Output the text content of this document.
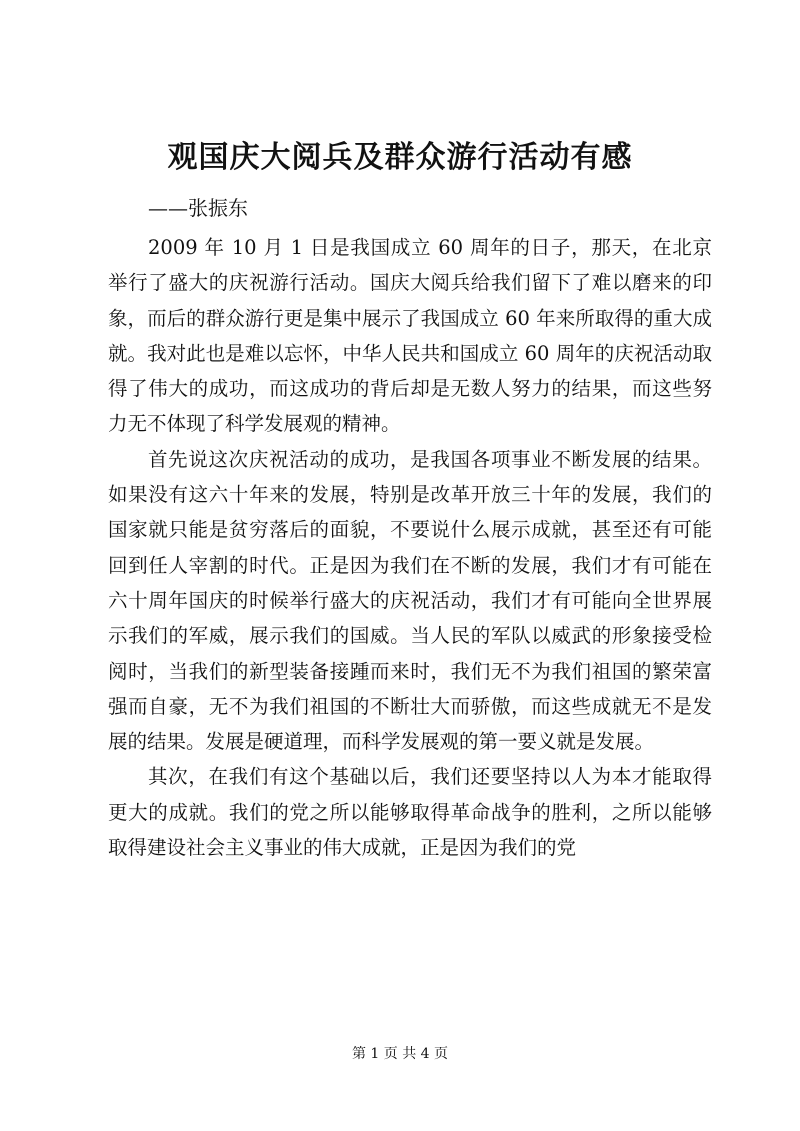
观国庆大阅兵及群众游行活动有感
——张振东

2009 年 10 月 1 日是我国成立 60 周年的日子，那天，在北京举行了盛大的庆祝游行活动。国庆大阅兵给我们留下了难以磨来的印象，而后的群众游行更是集中展示了我国成立 60 年来所取得的重大成就。我对此也是难以忘怀，中华人民共和国成立 60 周年的庆祝活动取得了伟大的成功，而这成功的背后却是无数人努力的结果，而这些努力无不体现了科学发展观的精神。

首先说这次庆祝活动的成功，是我国各项事业不断发展的结果。如果没有这六十年来的发展，特别是改革开放三十年的发展，我们的国家就只能是贫穷落后的面貌，不要说什么展示成就，甚至还有可能回到任人宰割的时代。正是因为我们在不断的发展，我们才有可能在六十周年国庆的时候举行盛大的庆祝活动，我们才有可能向全世界展示我们的军威，展示我们的国威。当人民的军队以威武的形象接受检阅时，当我们的新型装备接踵而来时，我们无不为我们祖国的繁荣富强而自豪，无不为我们祖国的不断壮大而骄傲，而这些成就无不是发展的结果。发展是硬道理，而科学发展观的第一要义就是发展。

其次，在我们有这个基础以后，我们还要坚持以人为本才能取得更大的成就。我们的党之所以能够取得革命战争的胜利，之所以能够取得建设社会主义事业的伟大成就，正是因为我们的党

第 1 页 共 4 页
